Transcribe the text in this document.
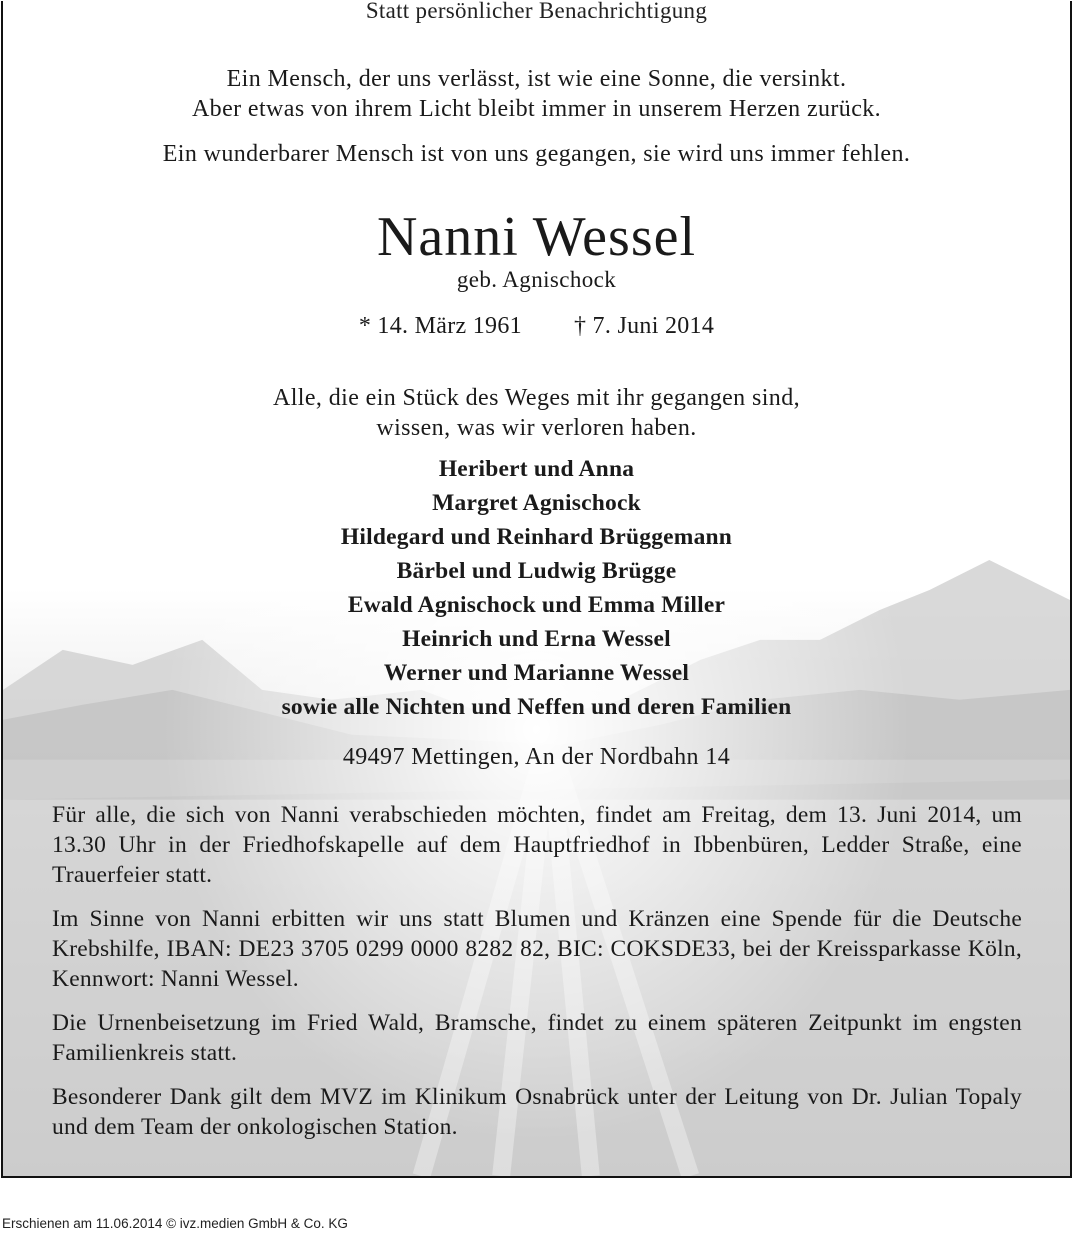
Statt persönlicher Benachrichtigung
Ein Mensch, der uns verlässt, ist wie eine Sonne, die versinkt.
Aber etwas von ihrem Licht bleibt immer in unserem Herzen zurück.
Ein wunderbarer Mensch ist von uns gegangen, sie wird uns immer fehlen.
Nanni Wessel
geb. Agnischock
* 14. März 1961 † 7. Juni 2014
Alle, die ein Stück des Weges mit ihr gegangen sind,
wissen, was wir verloren haben.
Heribert und Anna
Margret Agnischock
Hildegard und Reinhard Brüggemann
Bärbel und Ludwig Brügge
Ewald Agnischock und Emma Miller
Heinrich und Erna Wessel
Werner und Marianne Wessel
sowie alle Nichten und Neffen und deren Familien
49497 Mettingen, An der Nordbahn 14

Für alle, die sich von Nanni verabschieden möchten, findet am Freitag, dem 13. Juni 2014, um 13.30 Uhr in der Friedhofskapelle auf dem Hauptfriedhof in Ibbenbüren, Ledder Straße, eine Trauerfeier statt.

Im Sinne von Nanni erbitten wir uns statt Blumen und Kränzen eine Spende für die Deutsche Krebshilfe, IBAN: DE23 3705 0299 0000 8282 82, BIC: COKSDE33, bei der Kreissparkasse Köln, Kennwort: Nanni Wessel.

Die Urnenbeisetzung im Fried Wald, Bramsche, findet zu einem späteren Zeitpunkt im engsten Familienkreis statt.

Besonderer Dank gilt dem MVZ im Klinikum Osnabrück unter der Leitung von Dr. Julian Topaly und dem Team der onkologischen Station.

Erschienen am 11.06.2014 © ivz.medien GmbH & Co. KG
